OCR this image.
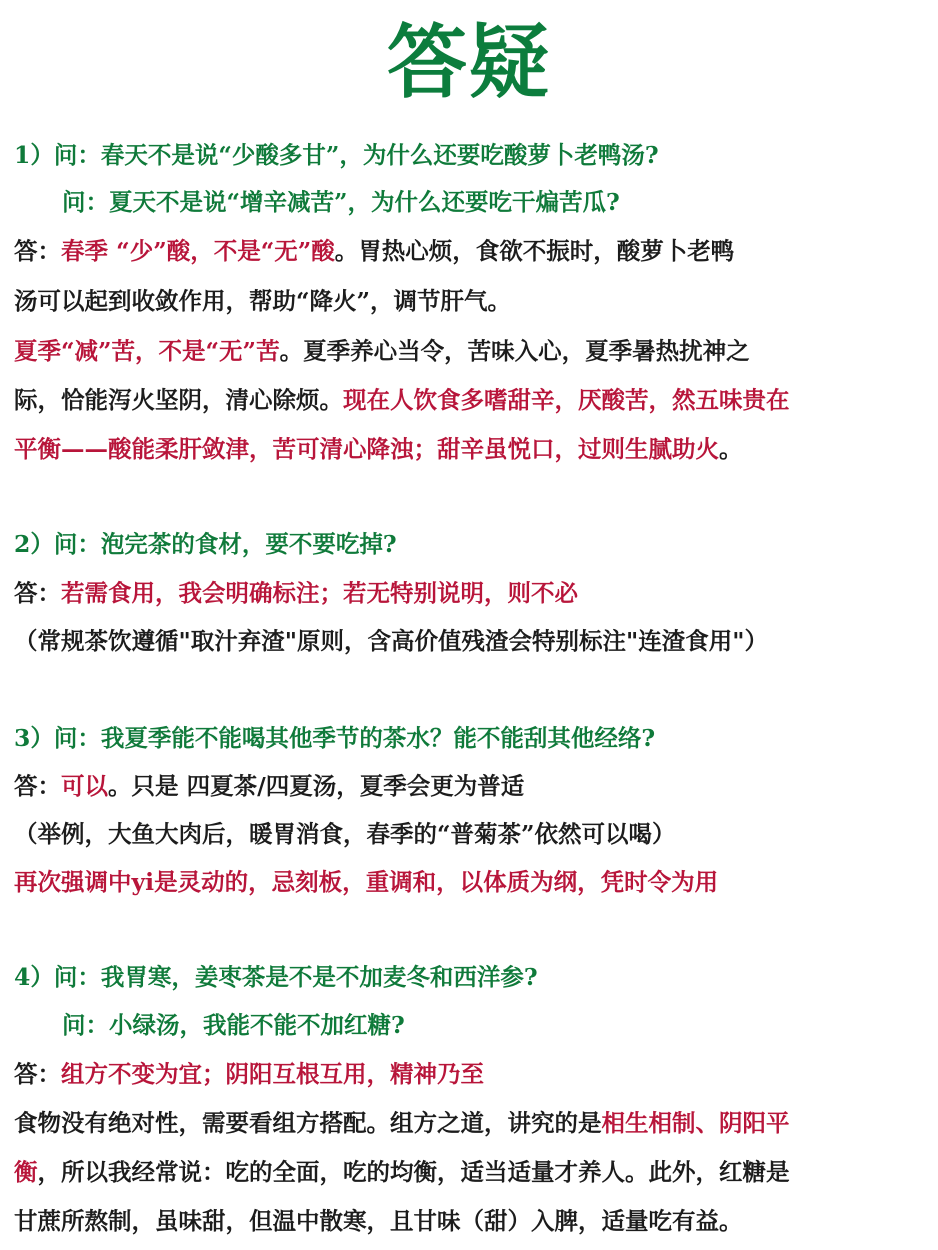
答疑
1）问：春天不是说“少酸多甘”，为什么还要吃酸萝卜老鸭汤?
问：夏天不是说“增辛减苦”，为什么还要吃干煸苦瓜?
答：春季 “少”酸，不是“无”酸。胃热心烦，食欲不振时，酸萝卜老鸭
汤可以起到收敛作用，帮助“降火”，调节肝气。
夏季“减”苦，不是“无”苦。夏季养心当令，苦味入心，夏季暑热扰神之
际，恰能泻火坚阴，清心除烦。现在人饮食多嗜甜辛，厌酸苦，然五味贵在
平衡——酸能柔肝敛津，苦可清心降浊；甜辛虽悦口，过则生腻助火。
2）问：泡完茶的食材，要不要吃掉?
答：若需食用，我会明确标注；若无特别说明，则不必
（常规茶饮遵循"取汁弃渣"原则，含高价值残渣会特别标注"连渣食用"）
3）问：我夏季能不能喝其他季节的茶水？能不能刮其他经络?
答：可以。只是 四夏茶/四夏汤，夏季会更为普适
（举例，大鱼大肉后，暖胃消食，春季的“普菊茶”依然可以喝）
再次强调中yi是灵动的，忌刻板，重调和，以体质为纲，凭时令为用
4）问：我胃寒，姜枣茶是不是不加麦冬和西洋参?
问：小绿汤，我能不能不加红糖?
答：组方不变为宜；阴阳互根互用，精神乃至
食物没有绝对性，需要看组方搭配。组方之道，讲究的是相生相制、阴阳平
衡，所以我经常说：吃的全面，吃的均衡，适当适量才养人。此外，红糖是
甘蔗所熬制，虽味甜，但温中散寒，且甘味（甜）入脾，适量吃有益。
